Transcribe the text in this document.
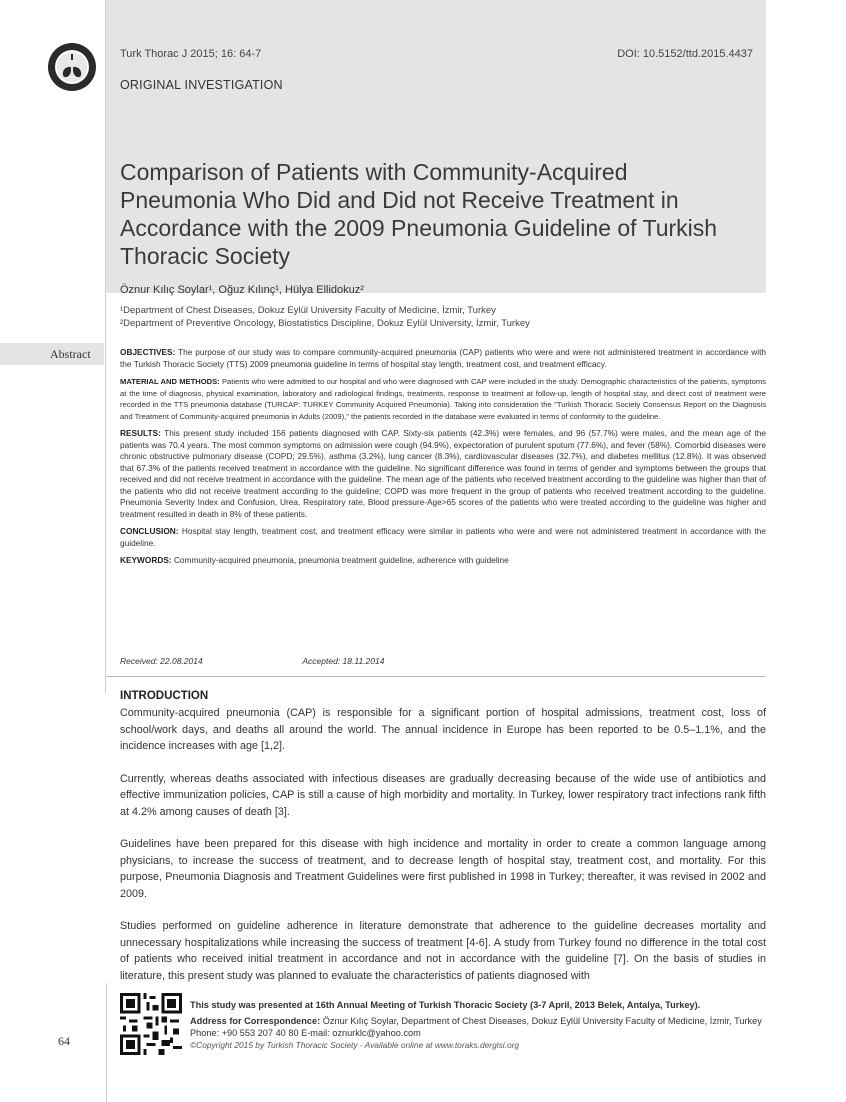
Turk Thorac J 2015; 16: 64-7	DOI: 10.5152/ttd.2015.4437
ORIGINAL INVESTIGATION
Comparison of Patients with Community-Acquired Pneumonia Who Did and Did not Receive Treatment in Accordance with the 2009 Pneumonia Guideline of Turkish Thoracic Society
Öznur Kılıç Soylar¹, Oğuz Kılınç¹, Hülya Ellidokuz²
¹Department of Chest Diseases, Dokuz Eylül University Faculty of Medicine, İzmir, Turkey
²Department of Preventive Oncology, Biostatistics Discipline, Dokuz Eylül University, İzmir, Turkey
Abstract	OBJECTIVES: The purpose of our study was to compare community-acquired pneumonia (CAP) patients who were and were not administered treatment in accordance with the Turkish Thoracic Society (TTS) 2009 pneumonia guideline in terms of hospital stay length, treatment cost, and treatment efficacy.

MATERIAL AND METHODS: Patients who were admitted to our hospital and who were diagnosed with CAP were included in the study. Demographic characteristics of the patients, symptoms at the time of diagnosis, physical examination, laboratory and radiological findings, treatments, response to treatment at follow-up, length of hospital stay, and direct cost of treatment were recorded in the TTS pneumonia database (TURCAP: TURKEY Community Acquired Pneumonia). Taking into consideration the "Turkish Thoracic Society Consensus Report on the Diagnosis and Treatment of Community-acquired pneumonia in Adults (2009)," the patients recorded in the database were evaluated in terms of conformity to the guideline.

RESULTS: This present study included 156 patients diagnosed with CAP. Sixty-six patients (42.3%) were females, and 96 (57.7%) were males, and the mean age of the patients was 70.4 years. The most common symptoms on admission were cough (94.9%), expectoration of purulent sputum (77.6%), and fever (58%). Comorbid diseases were chronic obstructive pulmonary disease (COPD; 29.5%), asthma (3.2%), lung cancer (8.3%), cardiovascular diseases (32.7%), and diabetes mellitus (12.8%). It was observed that 67.3% of the patients received treatment in accordance with the guideline. No significant difference was found in terms of gender and symptoms between the groups that received and did not receive treatment in accordance with the guideline. The mean age of the patients who received treatment according to the guideline was higher than that of the patients who did not receive treatment according to the guideline; COPD was more frequent in the group of patients who received treatment according to the guideline. Pneumonia Severity Index and Confusion, Urea, Respiratory rate, Blood pressure-Age>65 scores of the patients who were treated according to the guideline was higher and treatment resulted in death in 8% of these patients.

CONCLUSION: Hospital stay length, treatment cost, and treatment efficacy were similar in patients who were and were not administered treatment in accordance with the guideline.

KEYWORDS: Community-acquired pneumonia, pneumonia treatment guideline, adherence with guideline

Received: 22.08.2014	Accepted: 18.11.2014
INTRODUCTION

Community-acquired pneumonia (CAP) is responsible for a significant portion of hospital admissions, treatment cost, loss of school/work days, and deaths all around the world. The annual incidence in Europe has been reported to be 0.5–1.1%, and the incidence increases with age [1,2].

Currently, whereas deaths associated with infectious diseases are gradually decreasing because of the wide use of antibiotics and effective immunization policies, CAP is still a cause of high morbidity and mortality. In Turkey, lower respiratory tract infections rank fifth at 4.2% among causes of death [3].

Guidelines have been prepared for this disease with high incidence and mortality in order to create a common language among physicians, to increase the success of treatment, and to decrease length of hospital stay, treatment cost, and mortality. For this purpose, Pneumonia Diagnosis and Treatment Guidelines were first published in 1998 in Turkey; thereafter, it was revised in 2002 and 2009.

Studies performed on guideline adherence in literature demonstrate that adherence to the guideline decreases mortality and unnecessary hospitalizations while increasing the success of treatment [4-6]. A study from Turkey found no difference in the total cost of patients who received initial treatment in accordance and not in accordance with the guideline [7]. On the basis of studies in literature, this present study was planned to evaluate the characteristics of patients diagnosed with

This study was presented at 16th Annual Meeting of Turkish Thoracic Society (3-7 April, 2013 Belek, Antalya, Turkey).

Address for Correspondence: Öznur Kılıç Soylar, Department of Chest Diseases, Dokuz Eylül University Faculty of Medicine, İzmir, Turkey Phone: +90 553 207 40 80 E-mail: oznurklc@yahoo.com

©Copyright 2015 by Turkish Thoracic Society - Available online at www.toraks.dergisi.org

64
